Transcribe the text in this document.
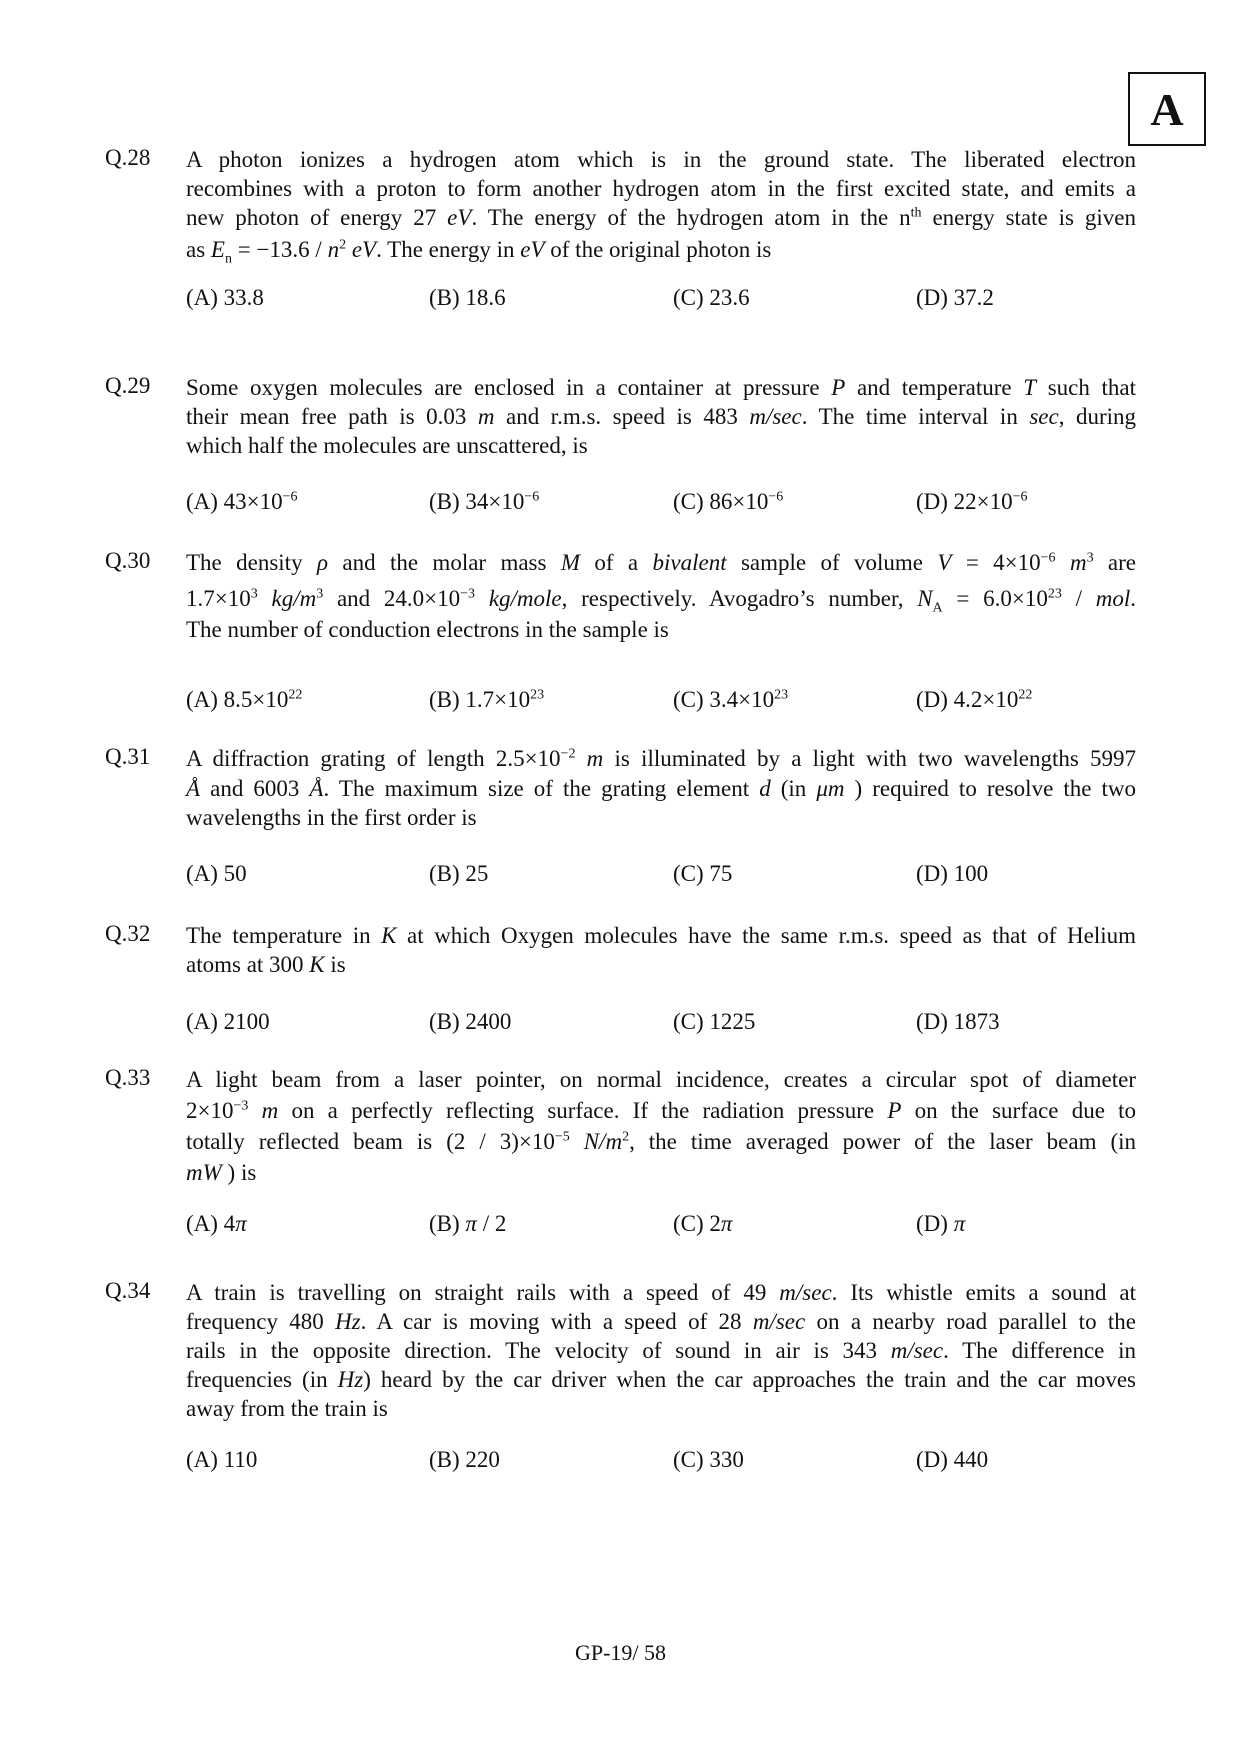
A
Q.28	A photon ionizes a hydrogen atom which is in the ground state. The liberated electron
recombines with a proton to form another hydrogen atom in the first excited state, and emits a
new photon of energy 27 eV. The energy of the hydrogen atom in the $n^{th}$ energy state is given
as $E_n = -13.6 / n^2$ eV. The energy in eV of the original photon is
(A) 33.8	(B) 18.6	(C) 23.6	(D) 37.2
Q.29	Some oxygen molecules are enclosed in a container at pressure P and temperature T such that
their mean free path is 0.03 m and r.m.s. speed is 483 m/sec. The time interval in sec, during
which half the molecules are unscattered, is
(A) $43\times 10^{-6}$	(B) $34\times 10^{-6}$	(C) $86\times 10^{-6}$	(D) $22\times 10^{-6}$
Q.30	The density ρ and the molar mass M of a bivalent sample of volume $V = 4\times 10^{-6}$ $m^3$ are
$1.7\times 10^3$ $kg/m^3$ and $24.0\times 10^{-3}$ kg/mole, respectively. Avogadro’s number, $N_A = 6.0\times 10^{23}$ / mol.
The number of conduction electrons in the sample is
(A) $8.5\times 10^{22}$	(B) $1.7\times 10^{23}$	(C) $3.4\times 10^{23}$	(D) $4.2\times 10^{22}$
Q.31	A diffraction grating of length $2.5\times 10^{-2}$ m is illuminated by a light with two wavelengths 5997
Å and 6003 Å. The maximum size of the grating element d (in μm ) required to resolve the two
wavelengths in the first order is
(A) 50	(B) 25	(C) 75	(D) 100
Q.32	The temperature in K at which Oxygen molecules have the same r.m.s. speed as that of Helium
atoms at 300 K is
(A) 2100	(B) 2400	(C) 1225	(D) 1873
Q.33	A light beam from a laser pointer, on normal incidence, creates a circular spot of diameter
$2\times 10^{-3}$ m on a perfectly reflecting surface. If the radiation pressure P on the surface due to
totally reflected beam is $(2 / 3)\times 10^{-5}$ $N/m^2$, the time averaged power of the laser beam (in
mW ) is
(A) 4π	(B) π / 2	(C) 2π	(D) π
Q.34	A train is travelling on straight rails with a speed of 49 m/sec. Its whistle emits a sound at
frequency 480 Hz. A car is moving with a speed of 28 m/sec on a nearby road parallel to the
rails in the opposite direction. The velocity of sound in air is 343 m/sec. The difference in
frequencies (in Hz) heard by the car driver when the car approaches the train and the car moves
away from the train is
(A) 110	(B) 220	(C) 330	(D) 440
GP-19/ 58
